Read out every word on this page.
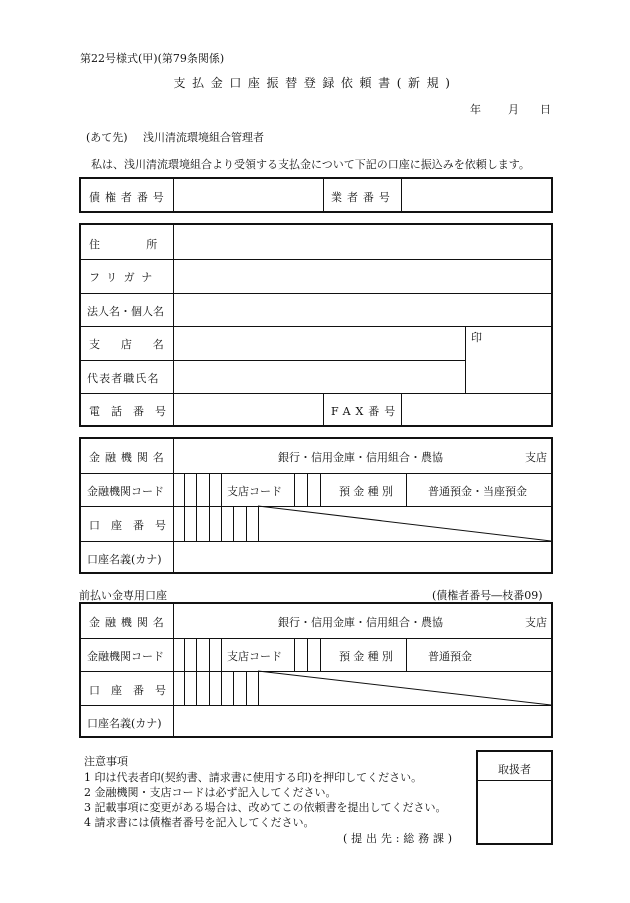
第22号様式(甲)(第79条関係)
支払金口座振替登録依頼書(新規)
年 月 日
(あて先) 浅川清流環境組合管理者
私は、浅川清流環境組合より受領する支払金について下記の口座に振込みを依頼します。
債権者番号	業者番号
住所
フリガナ
法人名・個人名
支店名
代表者職氏名
印
電話番号	FAX番号
金融機関名	銀行・信用金庫・信用組合・農協	支店
金融機関コード	支店コード	預金種別	普通預金・当座預金
口座番号
口座名義(カナ)
前払い金専用口座	(債権者番号―枝番09)
金融機関名	銀行・信用金庫・信用組合・農協	支店
金融機関コード	支店コード	預金種別	普通預金
口座番号
口座名義(カナ)
注意事項
1 印は代表者印(契約書、請求書に使用する印)を押印してください。
2 金融機関・支店コードは必ず記入してください。
3 記載事項に変更がある場合は、改めてこの依頼書を提出してください。
4 請求書には債権者番号を記入してください。
(提出先:総務課)
取扱者
